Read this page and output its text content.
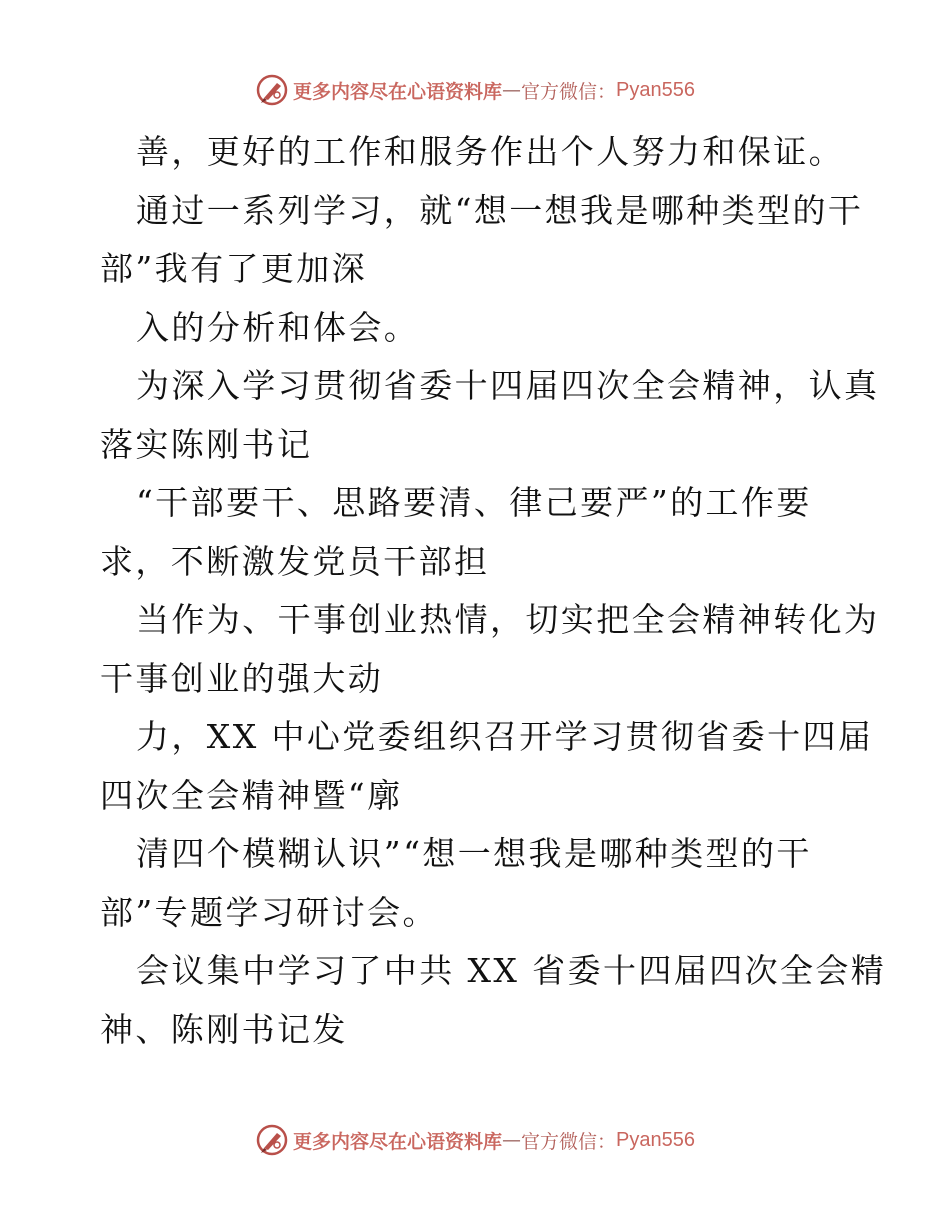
更多内容尽在心语资料库 — 官方微信： Pyan556
善，更好的工作和服务作出个人努力和保证。
通过一系列学习，就“想一想我是哪种类型的干
部”我有了更加深
入的分析和体会。
为深入学习贯彻省委十四届四次全会精神，认真
落实陈刚书记
“干部要干、思路要清、律己要严”的工作要
求，不断激发党员干部担
当作为、干事创业热情，切实把全会精神转化为
干事创业的强大动
力，XX 中心党委组织召开学习贯彻省委十四届
四次全会精神暨“廓
清四个模糊认识”“想一想我是哪种类型的干
部”专题学习研讨会。
会议集中学习了中共 XX 省委十四届四次全会精
神、陈刚书记发
更多内容尽在心语资料库 — 官方微信： Pyan556
